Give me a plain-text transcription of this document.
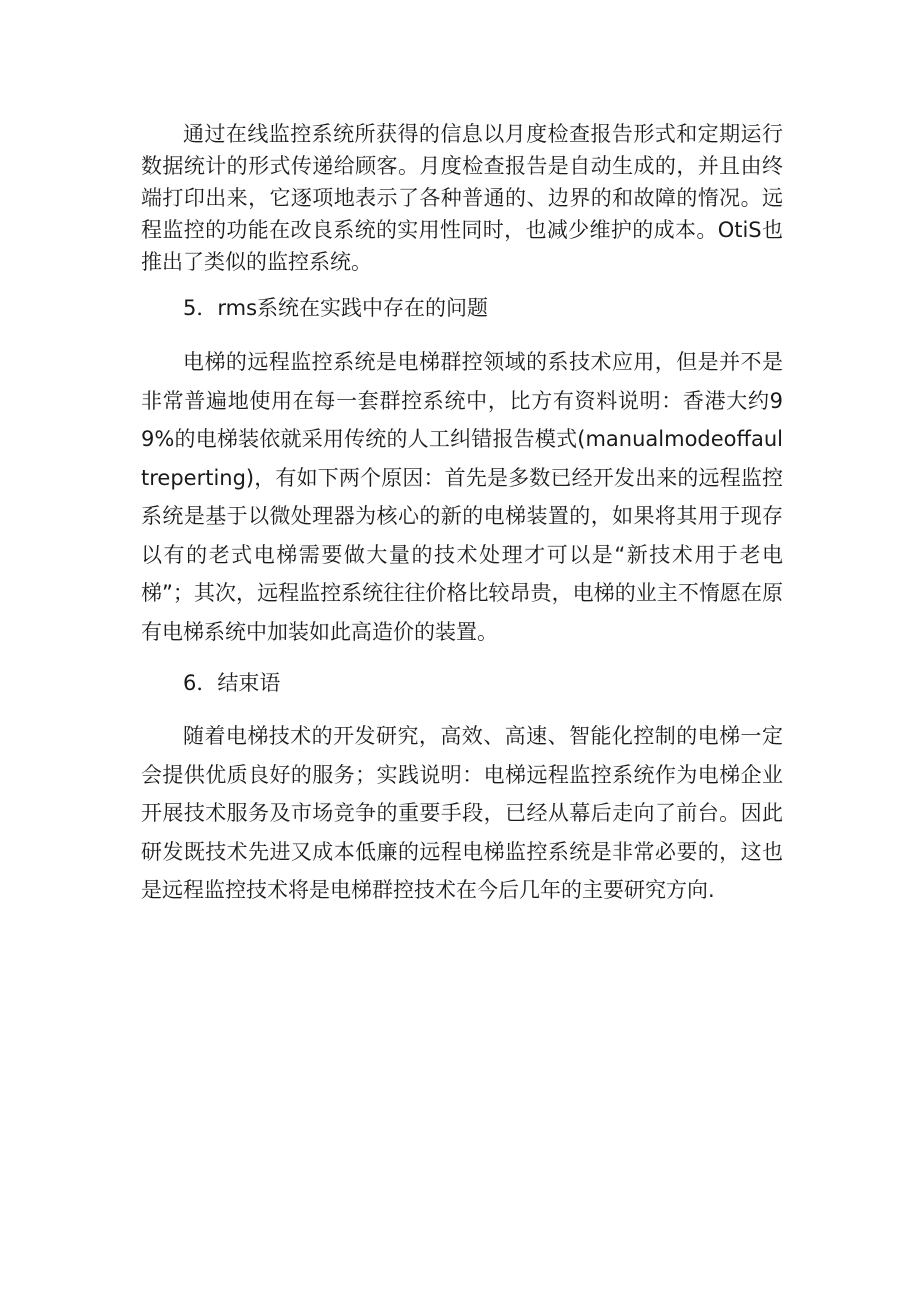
通过在线监控系统所获得的信息以月度检查报告形式和定期运行数据统计的形式传递给顾客。月度检查报告是自动生成的，并且由终端打印出来，它逐项地表示了各种普通的、边界的和故障的惰况。远程监控的功能在改良系统的实用性同时，也减少维护的成本。OtiS也推出了类似的监控系统。

5．rms系统在实践中存在的问题

电梯的远程监控系统是电梯群控领域的系技术应用，但是并不是非常普遍地使用在每一套群控系统中，比方有资料说明：香港大约99%的电梯装依就采用传统的人工纠错报告模式(manualmodeoffaultreperting)，有如下两个原因：首先是多数已经开发出来的远程监控系统是基于以微处理器为核心的新的电梯装置的，如果将其用于现存以有的老式电梯需要做大量的技术处理才可以是“新技术用于老电梯”；其次，远程监控系统往往价格比较昂贵，电梯的业主不惰愿在原有电梯系统中加装如此高造价的装置。

6．结束语

随着电梯技术的开发研究，高效、高速、智能化控制的电梯一定会提供优质良好的服务；实践说明：电梯远程监控系统作为电梯企业开展技术服务及市场竞争的重要手段，已经从幕后走向了前台。因此研发既技术先进又成本低廉的远程电梯监控系统是非常必要的，这也是远程监控技术将是电梯群控技术在今后几年的主要研究方向.
